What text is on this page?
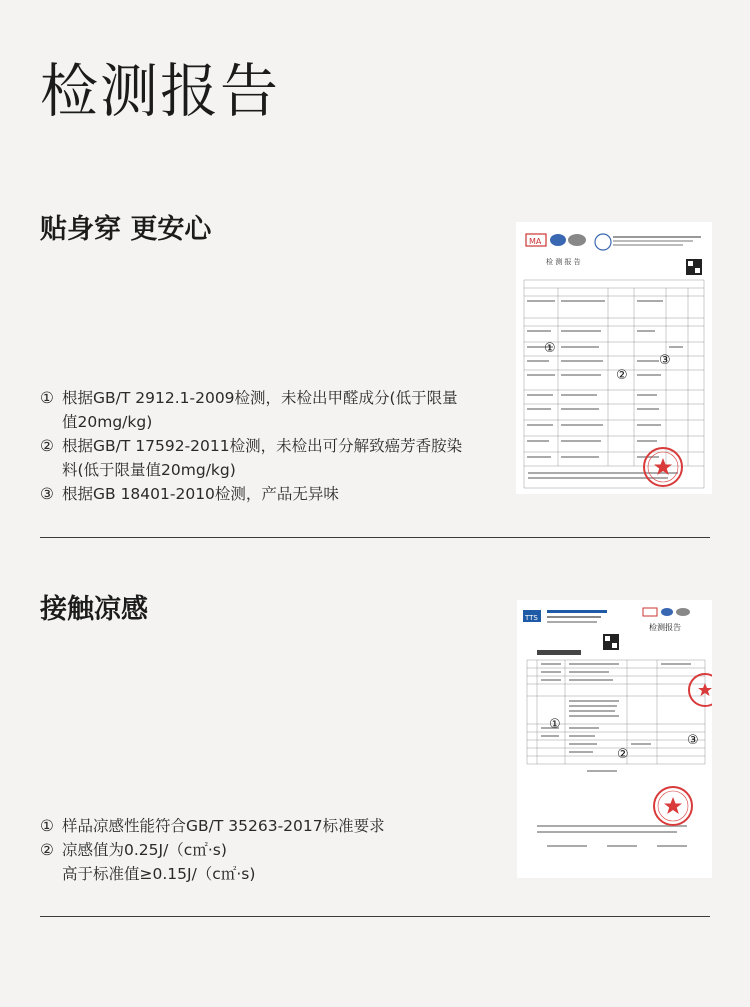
检测报告
贴身穿 更安心
① 根据GB/T 2912.1-2009检测，未检出甲醛成分(低于限量值20mg/kg)
② 根据GB/T 17592-2011检测，未检出可分解致癌芳香胺染料(低于限量值20mg/kg)
③ 根据GB 18401-2010检测，产品无异味
MA
检 测 报 告
①
②
③
接触凉感
① 样品凉感性能符合GB/T 35263-2017标准要求
② 凉感值为0.25J/（c㎡·s)
高于标准值≥0.15J/（c㎡·s)
TTS
检测报告
①
②
③
